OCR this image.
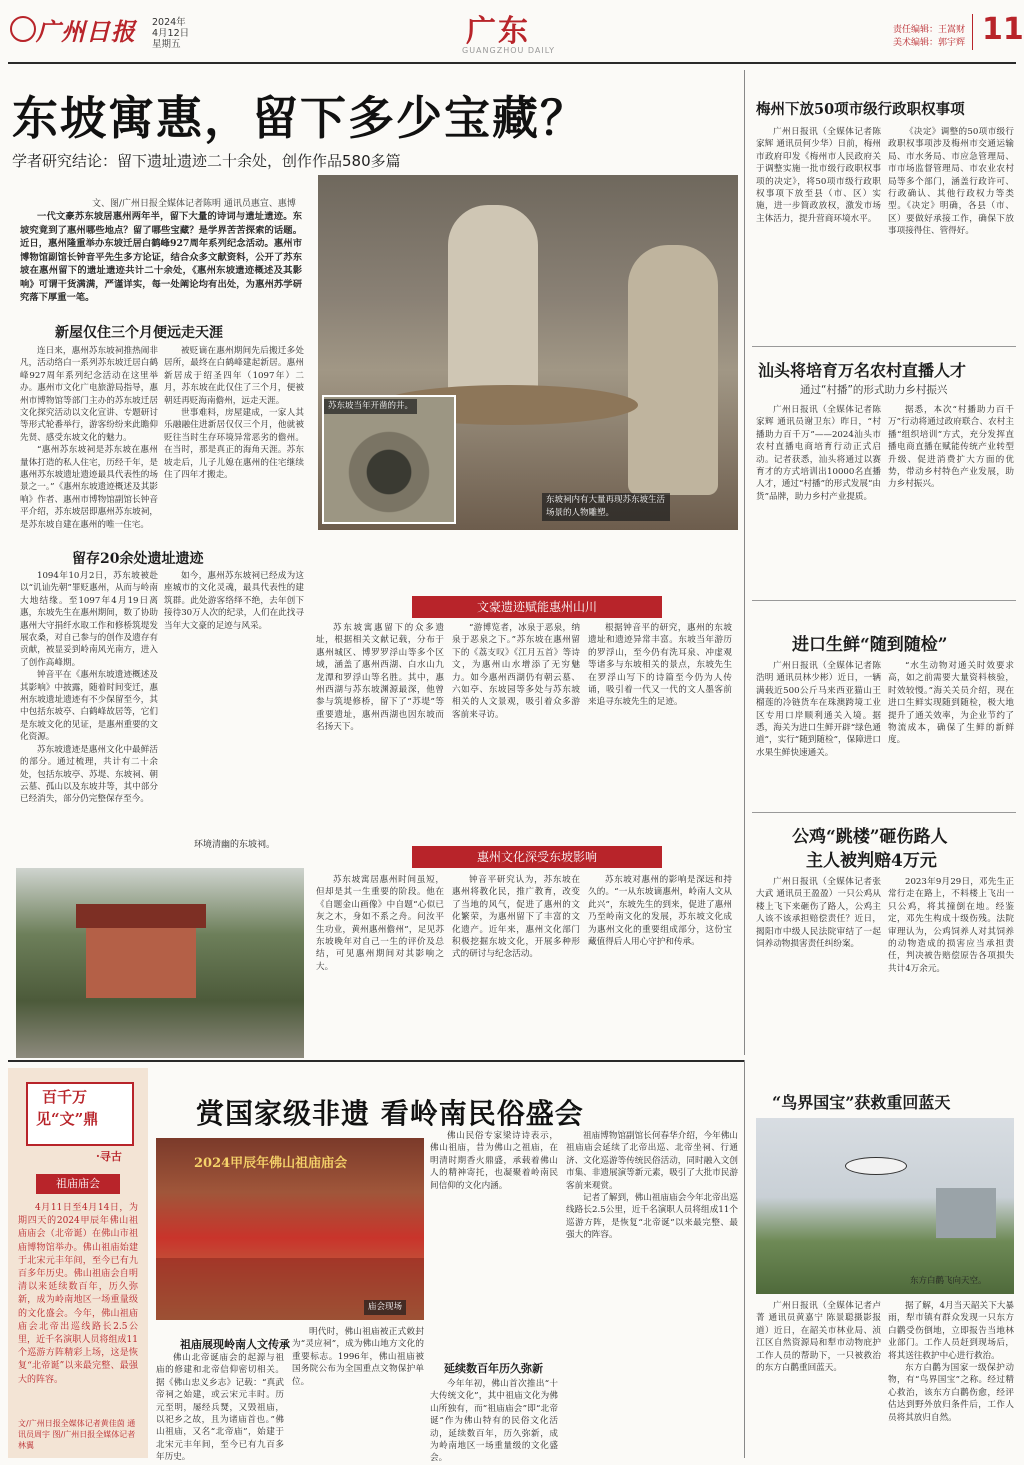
广州日报 2024年
4月12日
星期五	广东
GUANGZHOU DAILY
责任编辑：王嵩财
美术编辑：郭宇辉 11
东坡寓惠，留下多少宝藏？
学者研究结论：留下遗址遗迹二十余处，创作作品580多篇
文、图/广州日报全媒体记者陈明 通讯员惠宣、惠博

一代文豪苏东坡居惠州两年半，留下大量的诗词与遗址遗迹。东坡究竟到了惠州哪些地点？留了哪些宝藏？是学界苦苦探索的话题。近日，惠州隆重举办东坡迁居白鹤峰927周年系列纪念活动。惠州市博物馆副馆长钟音平先生多方论证，结合众多文献资料，公开了苏东坡在惠州留下的遗址遗迹共计二十余处，《惠州东坡遗迹概述及其影响》可谓干货满满，严谨详实，每一处阐论均有出处，为惠州苏学研究落下厚重一笔。

苏东坡当年开凿的井。
东坡祠内有大量再现苏东坡生活场景的人物雕塑。
新屋仅住三个月便远走天涯

连日来，惠州苏东坡祠推热闹非凡，活动络白一系列苏东坡迁居白鹤峰927周年系列纪念活动在这里举办。惠州市文化广电旅游局指导，惠州市博物馆等部门主办的苏东坡迁居文化探究活动以文化宣讲、专题研讨等形式轮番举行，游客纷纷来此瞻仰先贤、感受东坡文化的魅力。

“惠州苏东坡祠是苏东坡在惠州量体打造的私人住宅，历经千年，是惠州苏东坡遗址遗迹最具代表性的场景之一。”《惠州东坡遗迹概述及其影响》作者、惠州市博物馆副馆长钟音平介绍，苏东坡居即惠州苏东坡祠，是苏东坡自建在惠州的唯一住宅。

被贬谪在惠州期间先后搬迁多处居所，最终在白鹤峰建起新居。惠州新居成于绍圣四年（1097年）二月，苏东坡在此仅住了三个月，便被朝廷再贬海南儋州，远走天涯。

世事难料，房屋建成，一家人其乐融融住进新居仅仅三个月，他就被贬往当时生存环境异常恶劣的儋州。在当时，那是真正的海角天涯。苏东坡走后，儿子儿媳在惠州的住宅继续住了四年才搬走。

留存20余处遗址遗迹

1094年10月2日，苏东坡被赴以“讥讪先朝”罪贬惠州，从而与岭南大地结缘。至1097年4月19日离惠，东坡先生在惠州期间，数了协助惠州大守捐纤水取工作和修桥筑堤发展农桑，对自己参与的创作及遗存有贡献，被显妥到岭南风光南方，进入了创作高峰期。

钟音平在《惠州东坡遗迹概述及其影响》中披露，随着时间变迁，惠州东坡遗址遗迹有不少保留至今，其中包括东坡亭、白鹤峰故居等，它们是东坡文化的见证，是惠州重要的文化资源。

苏东坡遗迹是惠州文化中最鲜活的部分。通过梳理，共计有二十余处，包括东坡亭、苏堤、东坡祠、朝云墓、孤山以及东坡井等，其中部分已经消失，部分仍完整保存至今。

如今，惠州苏东坡祠已经成为这座城市的文化灵魂，最具代表性的建筑群。此处游客络绎不绝，去年创下接待30万人次的纪录，人们在此找寻当年大文豪的足迹与风采。

环境清幽的东坡祠。
文豪遗迹赋能惠州山川

苏东坡寓惠留下的众多遗址，根据相关文献记载，分布于惠州城区、博罗罗浮山等多个区域，涵盖了惠州西湖、白水山九龙潭和罗浮山等名胜。其中，惠州西湖与苏东坡渊源最深，他曾参与筑堤修桥，留下了“苏堤”等重要遗址，惠州西湖也因东坡而名扬天下。

“游博览者，冰泉于恶泉，纳泉于恶泉之下。”苏东坡在惠州留下的《荔支叹》《江月五首》等诗文，为惠州山水增添了无穷魅力。如今惠州西湖仍有朝云墓、六如亭、东坡园等多处与苏东坡相关的人文景观，吸引着众多游客前来寻访。

根据钟音平的研究，惠州的东坡遗址和遗迹异常丰富。东坡当年游历的罗浮山，至今仍有洗耳泉、冲虚观等诸多与东坡相关的景点，东坡先生在罗浮山写下的诗篇至今仍为人传诵，吸引着一代又一代的文人墨客前来追寻东坡先生的足迹。

惠州文化深受东坡影响

苏东坡寓居惠州时间虽短，但却是其一生重要的阶段。他在《自题金山画像》中自题“心似已灰之木，身如不系之舟。问汝平生功业，黄州惠州儋州”，足见苏东坡晚年对自己一生的评价及总结，可见惠州期间对其影响之大。

钟音平研究认为，苏东坡在惠州将教化民，推广教育，改变了当地的风气，促进了惠州的文化繁荣，为惠州留下了丰富的文化遗产。近年来，惠州文化部门积极挖掘东坡文化，开展多种形式的研讨与纪念活动。

苏东坡对惠州的影响是深远和持久的。“一从东坡谪惠州，岭南人文从此兴”，东坡先生的到来，促进了惠州乃至岭南文化的发展，苏东坡文化成为惠州文化的重要组成部分，这份宝藏值得后人用心守护和传承。

梅州下放50项市级行政职权事项

广州日报讯（全媒体记者陈家辉 通讯员何少华）日前，梅州市政府印发《梅州市人民政府关于调整实施一批市级行政职权事项的决定》，将50项市级行政职权事项下放至县（市、区）实施，进一步简政放权，激发市场主体活力，提升营商环境水平。

《决定》调整的50项市级行政职权事项涉及梅州市交通运输局、市水务局、市应急管理局、市市场监督管理局、市农业农村局等多个部门，涵盖行政许可、行政确认、其他行政权力等类型。《决定》明确，各县（市、区）要做好承接工作，确保下放事项接得住、管得好。

汕头将培育万名农村直播人才
通过“村播”的形式助力乡村振兴

广州日报讯（全媒体记者陈家辉 通讯员谢卫东）昨日，“村播助力百千万”——2024汕头市农村直播电商培育行动正式启动。记者获悉，汕头将通过以赛育才的方式培训出10000名直播人才，通过“村播”的形式发展“由货”品牌，助力乡村产业提质。

据悉，本次“村播助力百千万”行动将通过政府联合、农村主播“组织培训”方式，充分发挥直播电商直播在赋能传统产业转型升级、促进消费扩大方面的优势，带动乡村特色产业发展，助力乡村振兴。

进口生鲜“随到随检”

广州日报讯（全媒体记者陈浩明 通讯员林少彬）近日，一辆满载近500公斤马来西亚猫山王榴莲的冷链货车在珠澳跨境工业区专用口岸顺利通关入境。据悉，海关为进口生鲜开辟“绿色通道”，实行“随到随检”，保障进口水果生鲜快速通关。

“水生动物对通关时效要求高，如之前需要大量资料核验，时效较慢。”海关关员介绍，现在进口生鲜实现随到随检，极大地提升了通关效率，为企业节约了物流成本，确保了生鲜的新鲜度。

公鸡“跳楼”砸伤路人
主人被判赔4万元

广州日报讯（全媒体记者张大武 通讯员王盈盈）一只公鸡从楼上飞下来砸伤了路人，公鸡主人该不该承担赔偿责任？近日，揭阳市中级人民法院审结了一起饲养动物损害责任纠纷案。

2023年9月29日，邓先生正常行走在路上，不料楼上飞出一只公鸡，将其撞倒在地。经鉴定，邓先生构成十级伤残。法院审理认为，公鸡饲养人对其饲养的动物造成的损害应当承担责任，判决被告赔偿原告各项损失共计4万余元。

百千万
见“文”鼎
·寻古
祖庙庙会

4月11日至4月14日，为期四天的2024甲辰年佛山祖庙庙会（北帝诞）在佛山市祖庙博物馆举办。佛山祖庙始建于北宋元丰年间，至今已有九百多年历史。佛山祖庙会自明清以来延续数百年，历久弥新，成为岭南地区一场重量级的文化盛会。今年，佛山祖庙庙会北帝出巡线路长2.5公里，近千名演职人员将组成11个巡游方阵精彩上场，这是恢复“北帝诞”以来最完整、最强大的阵容。

文/广州日报全媒体记者黄佳茵 通讯员周宇 图/广州日报全媒体记者林翼

赏国家级非遗 看岭南民俗盛会
2024甲辰年佛山祖庙庙会
庙会现场
祖庙展现岭南人文传承

佛山北帝诞庙会的起源与祖庙的修建和北帝信仰密切相关。据《佛山忠义乡志》记载：“真武帝祠之始建，或云宋元丰时。历元至明，屡经兵燹，又毁祖庙，以祀乡之故，且为诸庙首也。”佛山祖庙，又名“北帝庙”，始建于北宋元丰年间，至今已有九百多年历史。

明代时，佛山祖庙被正式敕封为“灵应祠”，成为佛山地方文化的重要标志。1996年，佛山祖庙被国务院公布为全国重点文物保护单位。

佛山民俗专家梁诗诗表示，佛山祖庙，昔为佛山之祖庙，在明清时期香火鼎盛，承载着佛山人的精神寄托，也凝聚着岭南民间信仰的文化内涵。

延续数百年历久弥新

今年年初，佛山首次推出“十大传统文化”，其中祖庙文化为佛山所独有，而“祖庙庙会”即“北帝诞”作为佛山特有的民俗文化活动，延续数百年，历久弥新，成为岭南地区一场重量级的文化盛会。

祖庙博物馆副馆长何春华介绍，今年佛山祖庙庙会延续了北帝出巡、北帝坐祠、行通济、文化巡游等传统民俗活动，同时融入文创市集、非遗展演等新元素，吸引了大批市民游客前来观赏。

记者了解到，佛山祖庙庙会今年北帝出巡线路长2.5公里，近千名演职人员将组成11个巡游方阵，是恢复“北帝诞”以来最完整、最强大的阵容。

“鸟界国宝”获救重回蓝天
东方白鹳飞向天空。

广州日报讯（全媒体记者卢菁 通讯员黄嘉宁 陈景聪摄影报道）近日，在韶关市林业局、浈江区自然资源局和犁市动物庇护工作人员的帮助下，一只被救治的东方白鹳重回蓝天。

据了解，4月当天韶关下大暴雨，犁市镇有群众发现一只东方白鹳受伤倒地，立即报告当地林业部门。工作人员赶到现场后，将其送往救护中心进行救治。

东方白鹳为国家一级保护动物，有“鸟界国宝”之称。经过精心救治，该东方白鹳伤愈，经评估达到野外放归条件后，工作人员将其放归自然。
